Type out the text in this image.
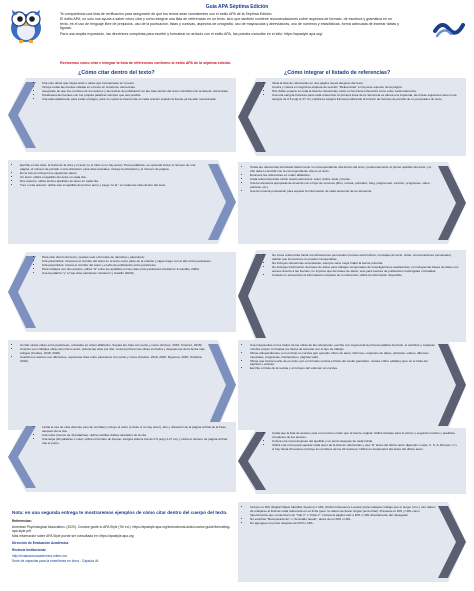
Guía APA Séptima Edición

Te compartimos una lista de verificación para asegurarte de que tus textos sean consistentes con el estilo APA de la Séptima Edición.

El estilo APA, no solo nos ayuda a saber cómo citar y cómo integrar una lista de referencias en un texto, sino que también contiene recomendaciones sobre aspectos de formato, de escritura y gramática en un texto, es el uso de lenguaje libre de prejuicios, uso de la puntuación, listas y cursivas, aspectos de ortografía, uso de mayúsculas y abreviaturas, uso de números y estadísticas, forma adecuada de insertar tablas y figuras.

Para una amplia exposición, las directrices completas para escribir y formatear un artículo con el estilo APA, las puedes consultar en el sitio: https://apastyle.apa.org/.

Revisemos cómo citar e integrar la lista de referencias conforme al estilo APA de la séptima edición.
¿Cómo citar dentro del texto?	¿Cómo integrar el listado de referencias?
• Cita solo obras que hayas leído o ideas que incorporaste en tu texto.
• Incluye todas las fuentes citadas en el texto en la lista de referencias.
• Asegúrate de que los nombres de los autores y las fechas de publicación en las citas dentro del texto coincidan con la lista de referencias.
• Parafrasea las fuentes con tus propias palabras siempre que sea posible.
• Cita adecuadamente para evitar el plagio, para no copiar la misma cita en cada oración cuando la fuente ya ha sido mencionada.
• Escribe en las citas, la fecha de la obra y el autor (o el título si no hay autor). Para paráfrasis, es opcional incluir el número de una página, el número de párrafo u otra ubicación; para citas textuales, incluye la ubicación y el número de página.
• En la cita se incluyen los siguientes datos:
• Un autor: utiliza el apellido del autor en cada cita.
• Dos autores: utiliza ambos apellidos de autor en cada cita.
• Tres o más autores: utiliza solo el apellido del primer autor y luego "et al." en todas las citas dentro del texto.
• Para citar dentro del texto, puedes usar el formato de narrativa y paréntesis:
• Cita parentética: incorpora el nombre del autor en el texto como parte de la oración y sigue luego con el año entre paréntesis.
• Cita parentética: coloca el nombre del autor y el año de publicación entre paréntesis.
• Para trabajos con dos autores, utiliza "&" entre los apellidos en las citas entre paréntesis (Gutiérrez & Castillo, 2020).
• Usa la palabra "y" en las citas narrativas: Gutiérrez y Castillo (2020).
• Al citar varias obras entre paréntesis, colócalas en orden alfabético. Separa las citas con punto y coma (Gómez, 2019; Jiménez, 2018).
• Cuando son múltiples obras del mismo autor, ordena las citas por año. Coloca primero las obras sin fecha y después las de la fecha más antigua (Coultes, 2018, 2020).
• Cuando los autores son diferentes, separa las citas entre paréntesis con punto y coma (Coultes, 2019, 2020; Figueroa, 2020; Orellana, 2019).
• Limita el uso de citas directas (uso de comillas); incluye el autor (o título si no hay autor), año y ubicación de la página al final de la frase, después de la cita.
• Cita corta (menos de 40 palabras): utiliza comillas dobles alrededor de la cita.
• Cita larga (40 palabras o más): utiliza el formato de bloque: sangría toda la cita de 0.5 pulg (1.27 cm) y ubica el número de página al final, tras el punto.
• Inicia la lista de referencias en una página nueva después del texto.
• Centra y coloca en negrita la etiqueta de sección "Referencias" en la parte superior de la página.
• Haz doble espacio en toda la lista de referencias, tanto en la misma referencia como entre cada referencia.
• Usa una sangría francesa para cada referencia: la primera línea de la referencia se alinea a la izquierda, las líneas siguientes tienen una sangría de 0.5 pulg (1.27 cm.) Aplica la sangría francesa utilizando la función de formato de párrafo de tu procesador de texto.
• Todas las referencias del listado deben tener su correspondiente cita dentro del texto, preferentemente el primer apellido del autor y el año deben coincidir con la correspondiente cita en el texto.
• Enumera las referencias en orden alfabético.
• Cada referencia debe incluir cuatro elementos: autor, fecha, título y fuente.
• Cita la referencia apropiada de acuerdo con el tipo de recursos (libro, revista, periódico, blog, página web, canción, programas, video, película, etc.).
• Usa la correcta puntuación para separar la información de cada elemento de la referencia.
• No crees referencias hacia comunicaciones personales (correos electrónicos, mensajes de texto, chats, conversaciones personales), debido que los lectores no pueden recuperarlas.
• No incluyas referencias secundarias, siempre sería mejor hallar la fuente primaria.
• No incluyas información de bases de datos para trabajos recuperados de investigaciones académicas; no incluyas las bases de datos con acceso directo a las fuentes; no importa que las bases de datos, solo para fuentes de publicación restringidas o limitadas.
• Cuando no encuentres la información completa de tu referencia, utiliza la información disponible.
• Usa mayúsculas en los títulos de las obras de las referencias, escribe con mayúscula la primera palabra del título, el subtítulo y cualquier nombre propio. Formatea los títulos de acuerdo con el tipo de trabajo:
• Obras independientes: pon el título en cursiva (por ejemplo, libros de autor, informes, conjuntos de datos, películas, videos, álbumes musicales, programas, ilustraciones, páginas web).
• Obras que forman parte de un todo: pon en formato cursiva el título del medio (periódico, revista o libro editado) pero no el título del capítulo o artículo.
• Escribe el título de la revista y el número del volumen en cursiva.
• Cuida que la lista de autores esté en el mismo orden que la fuente original. Utiliza iniciales para el primer y segundo nombre y apellidos completos de los autores.
• Coloca una coma después del apellido y un punto después de cada inicial.
• Utiliza una coma para separar cada autor de la lista de referencias y usa "&" antes del último autor (Ejemplo: Lewis, C. S. & Jiménez, C.), si hay hasta 20 autores (incluye los nombres de los 20 autores). Utiliza un ampersand (&) antes del último autor.
• Incluye un DOI (Digital Object Identifier System) o URL (Uniform Resource Locator) para cualquier trabajo que lo tenga. Uno y otro deben de reflejarse al final de cada referencia en su ficha (pero no deben de llevar ningún punto final). Presenta un DOI y URL como hipervínculos que comienzan con "http://" o "https://". Coloca la página web a DOI o URL directamente del navegador.
• No escribas "Recuperado de" o "Accedido desde", antes de un DOI o URL.
• No agregues un punto después del DOI o URL.
Nota: en una segunda entrega te mostraremos ejemplos de cómo citar dentro del cuerpo del texto.

Referencias:

American Psychological Association. (2020). Concise guide to APA Style (7th ed.). https://apastyle.apa.org/instructional-aids/concise-guide/formatting-apa-style.pdf

Más información sobre APA Style puede ser consultada en: https://apastyle.apa.org

Dirección de Evaluación Académica

Rectoría Institucional

http://evaluacionacademica.unitec.mx

Serie de cápsulas para la enseñanza en línea - Cápsula 44
